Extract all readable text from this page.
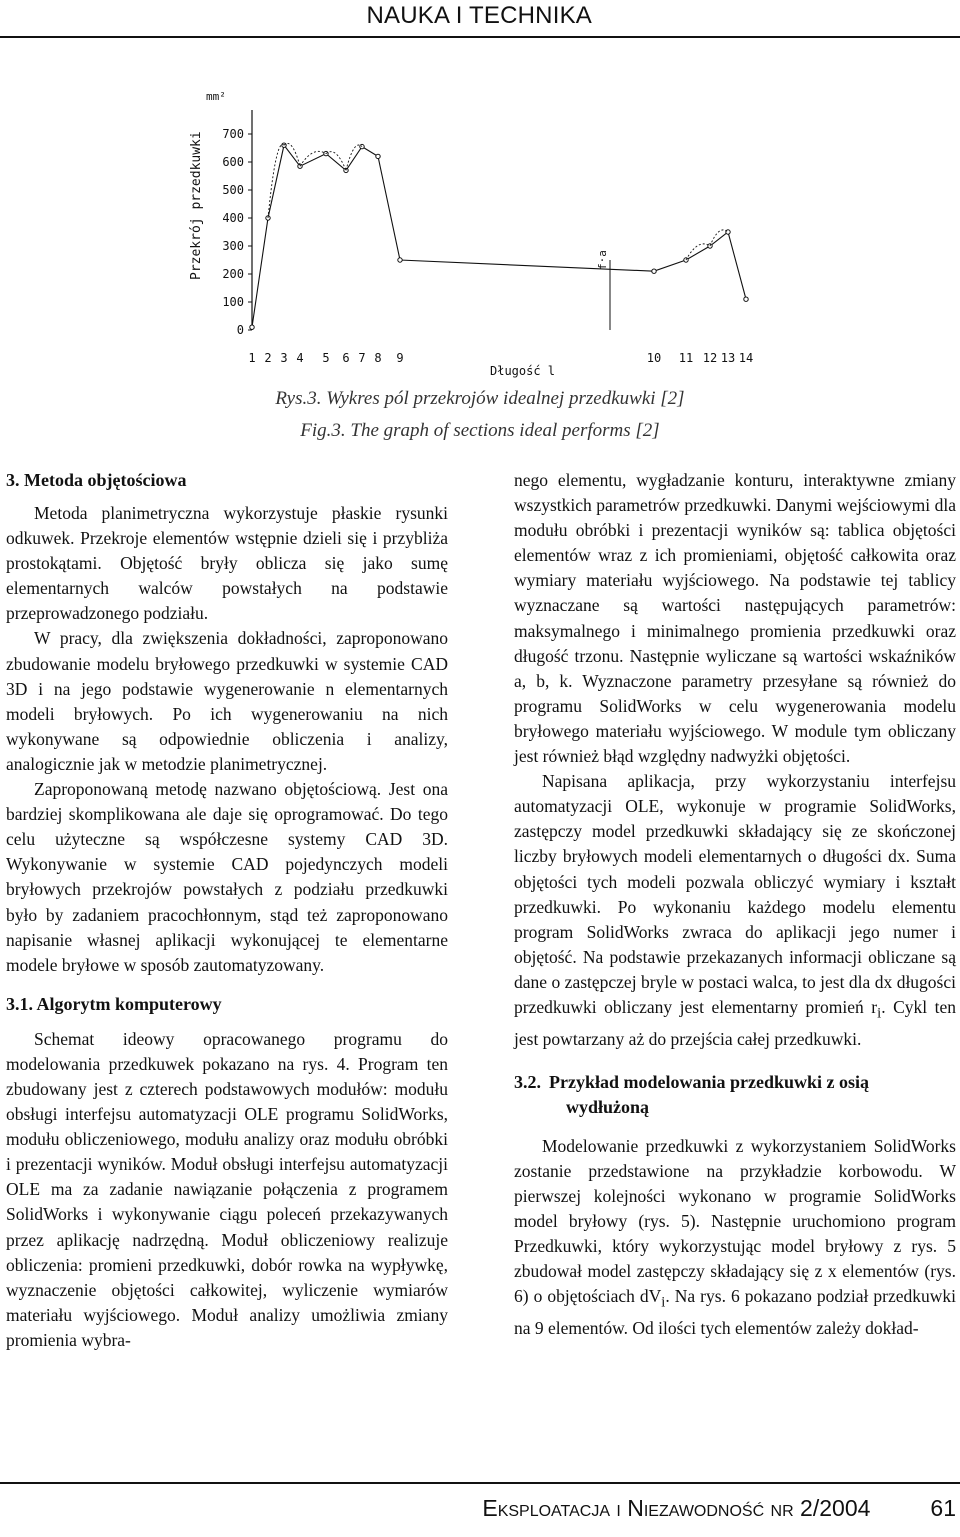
NAUKA I TECHNIKA
mm²
Przekrój przedkuwki
0
100
200
300
400
500
600
700
1 2 3 4 5 6 7 8 9	10 11 12 13 14
Długość l
f·a
Rys.3. Wykres pól przekrojów idealnej przedkuwki [2]
Fig.3. The graph of sections ideal performs [2]
3. Metoda objętościowa

Metoda planimetryczna wykorzystuje płaskie rysunki odkuwek. Przekroje elementów wstępnie dzieli się i przybliża prostokątami. Objętość bryły oblicza się jako sumę elementarnych walców powstałych na podstawie przeprowadzonego podziału.

W pracy, dla zwiększenia dokładności, zaproponowano zbudowanie modelu bryłowego przedkuwki w systemie CAD 3D i na jego podstawie wygenerowanie n elementarnych modeli bryłowych. Po ich wygenerowaniu na nich wykonywane są odpowiednie obliczenia i analizy, analogicznie jak w metodzie planimetrycznej.

Zaproponowaną metodę nazwano objętościową. Jest ona bardziej skomplikowana ale daje się oprogramować. Do tego celu użyteczne są współczesne systemy CAD 3D. Wykonywanie w systemie CAD pojedynczych modeli bryłowych przekrojów powstałych z podziału przedkuwki było by zadaniem pracochłonnym, stąd też zaproponowano napisanie własnej aplikacji wykonującej te elementarne modele bryłowe w sposób zautomatyzowany.

3.1. Algorytm komputerowy

Schemat ideowy opracowanego programu do modelowania przedkuwek pokazano na rys. 4. Program ten zbudowany jest z czterech podstawowych modułów: modułu obsługi interfejsu automatyzacji OLE programu SolidWorks, modułu obliczeniowego, modułu analizy oraz modułu obróbki i prezentacji wyników. Moduł obsługi interfejsu automatyzacji OLE ma za zadanie nawiązanie połączenia z programem SolidWorks i wykonywanie ciągu poleceń przekazywanych przez aplikację nadrzędną. Moduł obliczeniowy realizuje obliczenia: promieni przedkuwki, dobór rowka na wypływkę, wyznaczenie objętości całkowitej, wyliczenie wymiarów materiału wyjściowego. Moduł analizy umożliwia zmiany promienia wybra-

nego elementu, wygładzanie konturu, interaktywne zmiany wszystkich parametrów przedkuwki. Danymi wejściowymi dla modułu obróbki i prezentacji wyników są: tablica objętości elementów wraz z ich promieniami, objętość całkowita oraz wymiary materiału wyjściowego. Na podstawie tej tablicy wyznaczane są wartości następujących parametrów: maksymalnego i minimalnego promienia przedkuwki oraz długość trzonu. Następnie wyliczane są wartości wskaźników a, b, k. Wyznaczone parametry przesyłane są również do programu SolidWorks w celu wygenerowania modelu bryłowego materiału wyjściowego. W module tym obliczany jest również błąd względny nadwyżki objętości.

Napisana aplikacja, przy wykorzystaniu interfejsu automatyzacji OLE, wykonuje w programie SolidWorks, zastępczy model przedkuwki składający się ze skończonej liczby bryłowych modeli elementarnych o długości dx. Suma objętości tych modeli pozwala obliczyć wymiary i kształt przedkuwki. Po wykonaniu każdego modelu elementu program SolidWorks zwraca do aplikacji jego numer i objętość. Na podstawie przekazanych informacji obliczane są dane o zastępczej bryle w postaci walca, to jest dla dx długości przedkuwki obliczany jest elementarny promień $r_i$. Cykl ten jest powtarzany aż do przejścia całej przedkuwki.

3.2. Przykład modelowania przedkuwki z osią
wydłużoną

Modelowanie przedkuwki z wykorzystaniem SolidWorks zostanie przedstawione na przykładzie korbowodu. W pierwszej kolejności wykonano w programie SolidWorks model bryłowy (rys. 5). Następnie uruchomiono program Przedkuwki, który wykorzystując model bryłowy z rys. 5 zbudował model zastępczy składający się z x elementów (rys. 6) o objętościach $dV_i$. Na rys. 6 pokazano podział przedkuwki na 9 elementów. Od ilości tych elementów zależy dokład-

Eksploatacja i Niezawodność nr 2/2004	61
